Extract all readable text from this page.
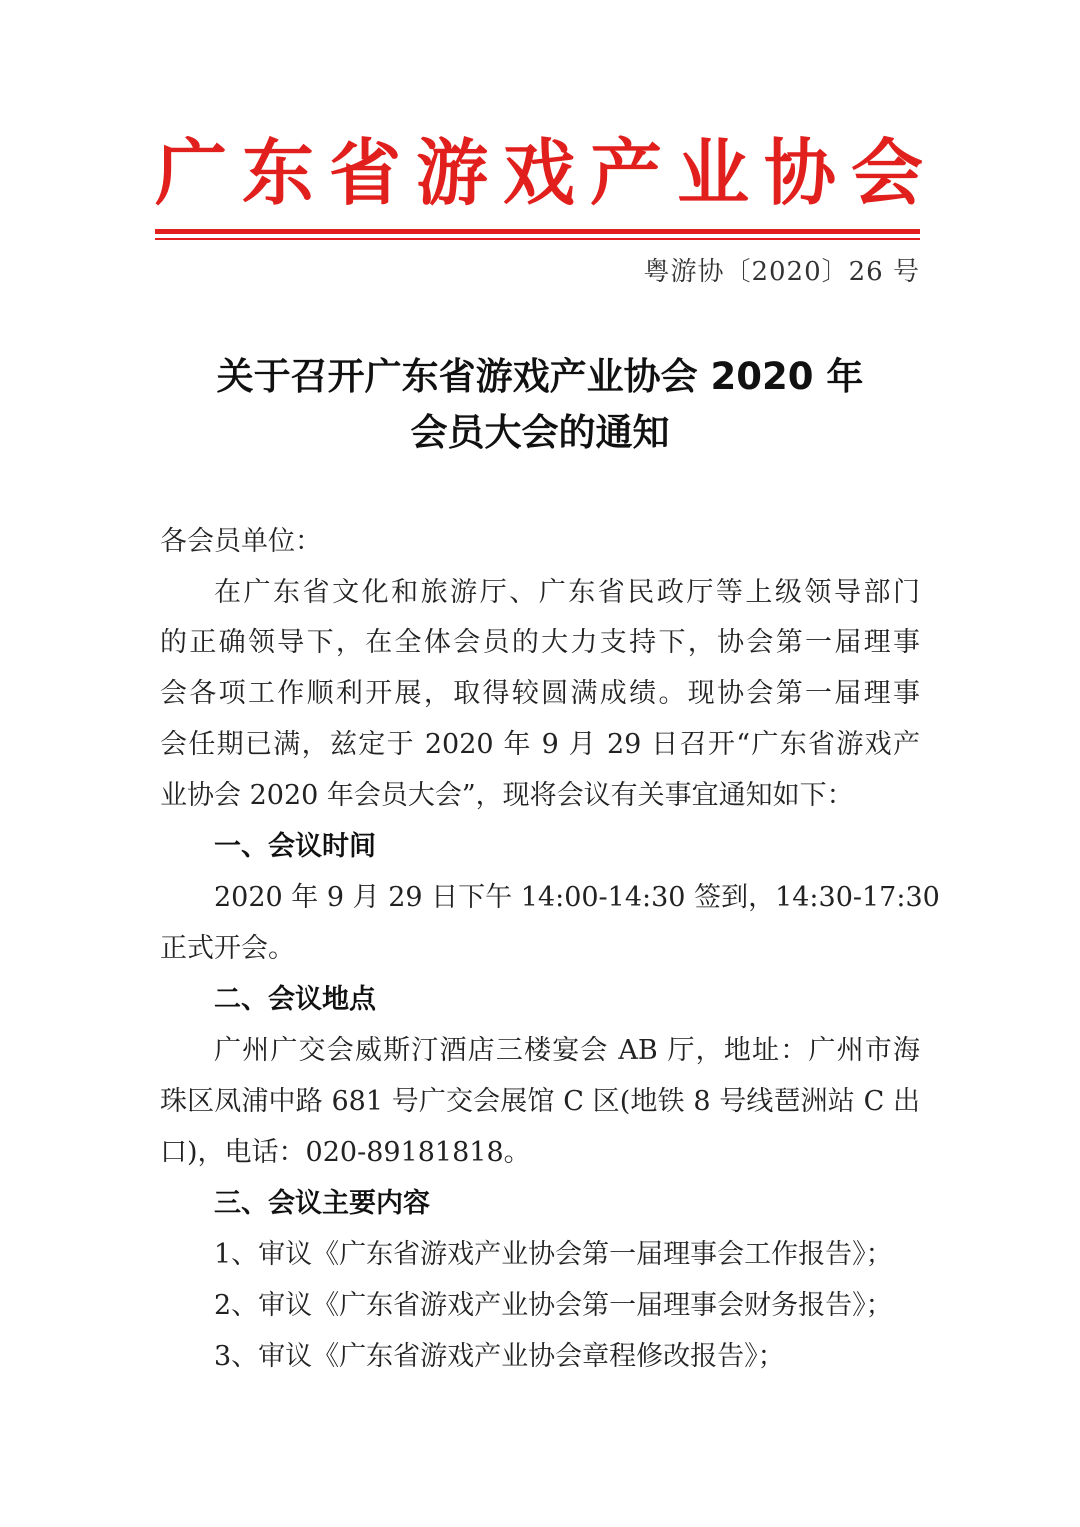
广东省游戏产业协会
粤游协〔2020〕26 号
关于召开广东省游戏产业协会 2020 年
会员大会的通知
各会员单位：
在广东省文化和旅游厅、广东省民政厅等上级领导部门
的正确领导下，在全体会员的大力支持下，协会第一届理事
会各项工作顺利开展，取得较圆满成绩。现协会第一届理事
会任期已满，兹定于 2020 年 9 月 29 日召开“广东省游戏产
业协会 2020 年会员大会”，现将会议有关事宜通知如下：
一、会议时间
2020 年 9 月 29 日下午 14:00-14:30 签到，14:30-17:30
正式开会。
二、会议地点
广州广交会威斯汀酒店三楼宴会 AB 厅，地址：广州市海
珠区凤浦中路 681 号广交会展馆 C 区(地铁 8 号线琶洲站 C 出
口)，电话：020-89181818。
三、会议主要内容
1、审议《广东省游戏产业协会第一届理事会工作报告》；
2、审议《广东省游戏产业协会第一届理事会财务报告》；
3、审议《广东省游戏产业协会章程修改报告》；
